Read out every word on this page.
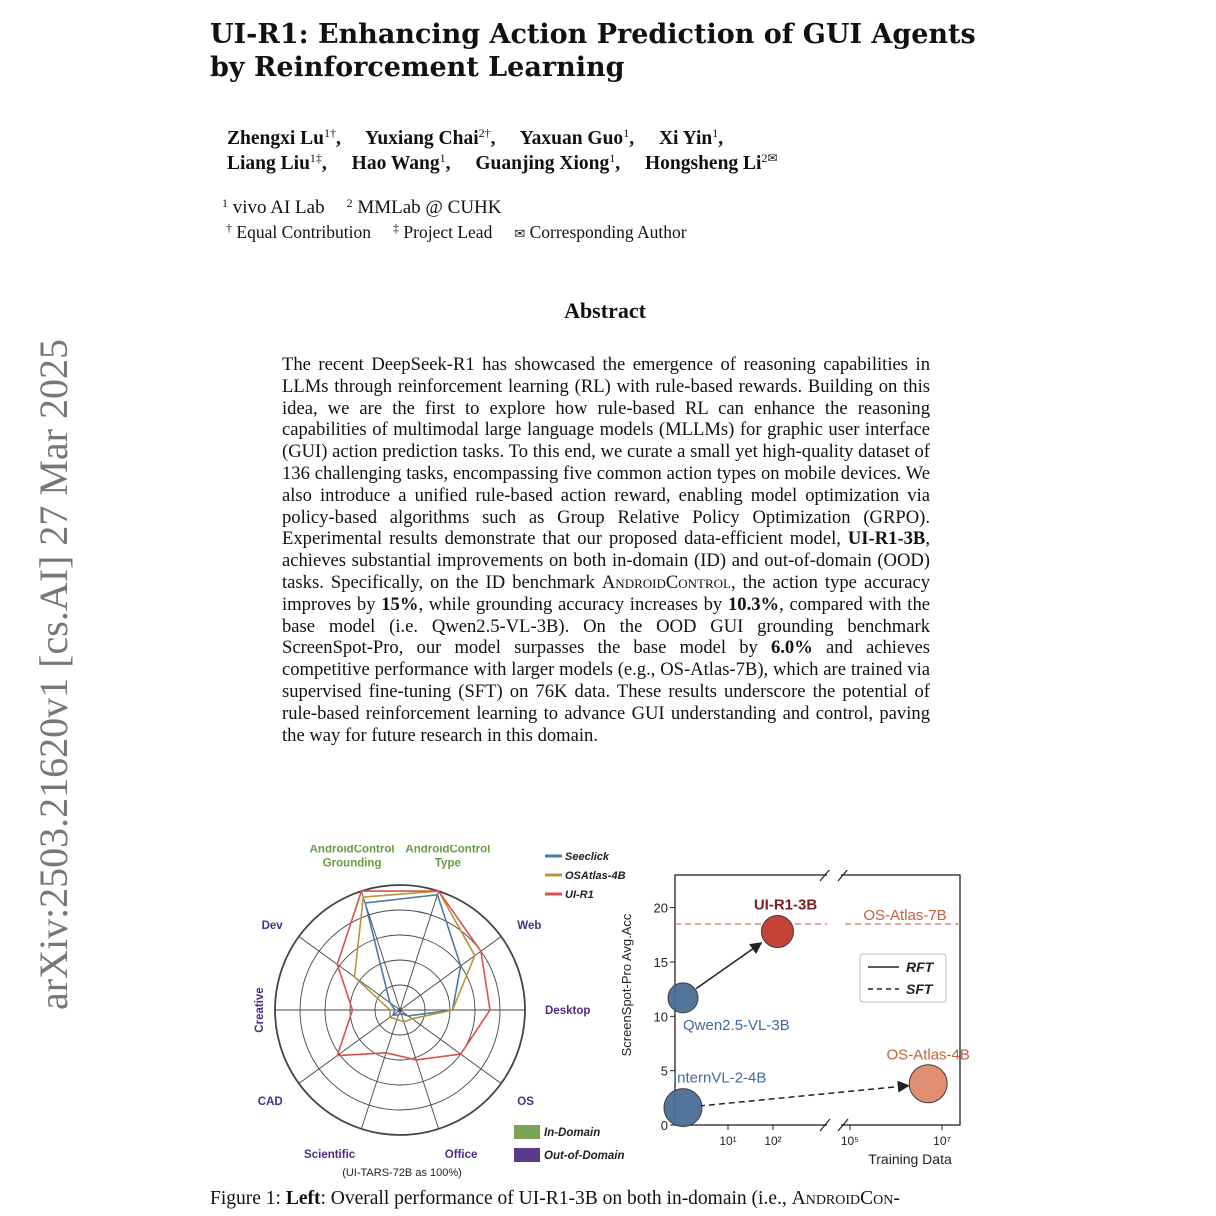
arXiv:2503.21620v1 [cs.AI] 27 Mar 2025
UI-R1: Enhancing Action Prediction of GUI Agents by Reinforcement Learning
Zhengxi $Lu^{1\dagger}$, Yuxiang Chai$^{2\dagger}$, Yaxuan Guo$^1$, Xi Yin$^1$,
Liang Liu$^{1\ddagger}$, Hao Wang$^1$, Guanjing Xiong$^1$, Hongsheng $Li^{2✉}$
$^1$ vivo AI Lab $^2$ MMLab @ CUHK
† Equal Contribution ‡ Project Lead ✉ Corresponding Author
Abstract
The recent DeepSeek-R1 has showcased the emergence of reasoning capabilities in LLMs through reinforcement learning (RL) with rule-based rewards. Building on this idea, we are the first to explore how rule-based RL can enhance the reasoning capabilities of multimodal large language models (MLLMs) for graphic user interface (GUI) action prediction tasks. To this end, we curate a small yet high-quality dataset of 136 challenging tasks, encompassing five common action types on mobile devices. We also introduce a unified rule-based action reward, enabling model optimization via policy-based algorithms such as Group Relative Policy Optimization (GRPO). Experimental results demonstrate that our proposed data-efficient model, UI-R1-3B, achieves substantial improvements on both in-domain (ID) and out-of-domain (OOD) tasks. Specifically, on the ID benchmark AndroidControl, the action type accuracy improves by 15%, while grounding accuracy increases by 10.3%, compared with the base model (i.e. Qwen2.5-VL-3B). On the OOD GUI grounding benchmark ScreenSpot-Pro, our model surpasses the base model by 6.0% and achieves competitive performance with larger models (e.g., OS-Atlas-7B), which are trained via supervised fine-tuning (SFT) on 76K data. These results underscore the potential of rule-based reinforcement learning to advance GUI understanding and control, paving the way for future research in this domain.
AndroidControl Type
Web
Desktop
OS
Office
Scientific
CAD
Creative
Dev
AndroidControl Grounding
Seeclick
OSAtlas-4B
UI-R1
In-Domain
Out-of-Domain
(UI-TARS-72B as 100%)
ScreenSpot-Pro Avg.Acc
Training Data
OS-Atlas-7B
0
5
10
15
20
10¹ 10²	10⁵	10⁷
UI-R1-3B
Qwen2.5-VL-3B
InternVL-2-4B
OS-Atlas-4B
RFT
SFT
Figure 1: Left: Overall performance of UI-R1-3B on both in-domain (i.e., AndroidCon-
